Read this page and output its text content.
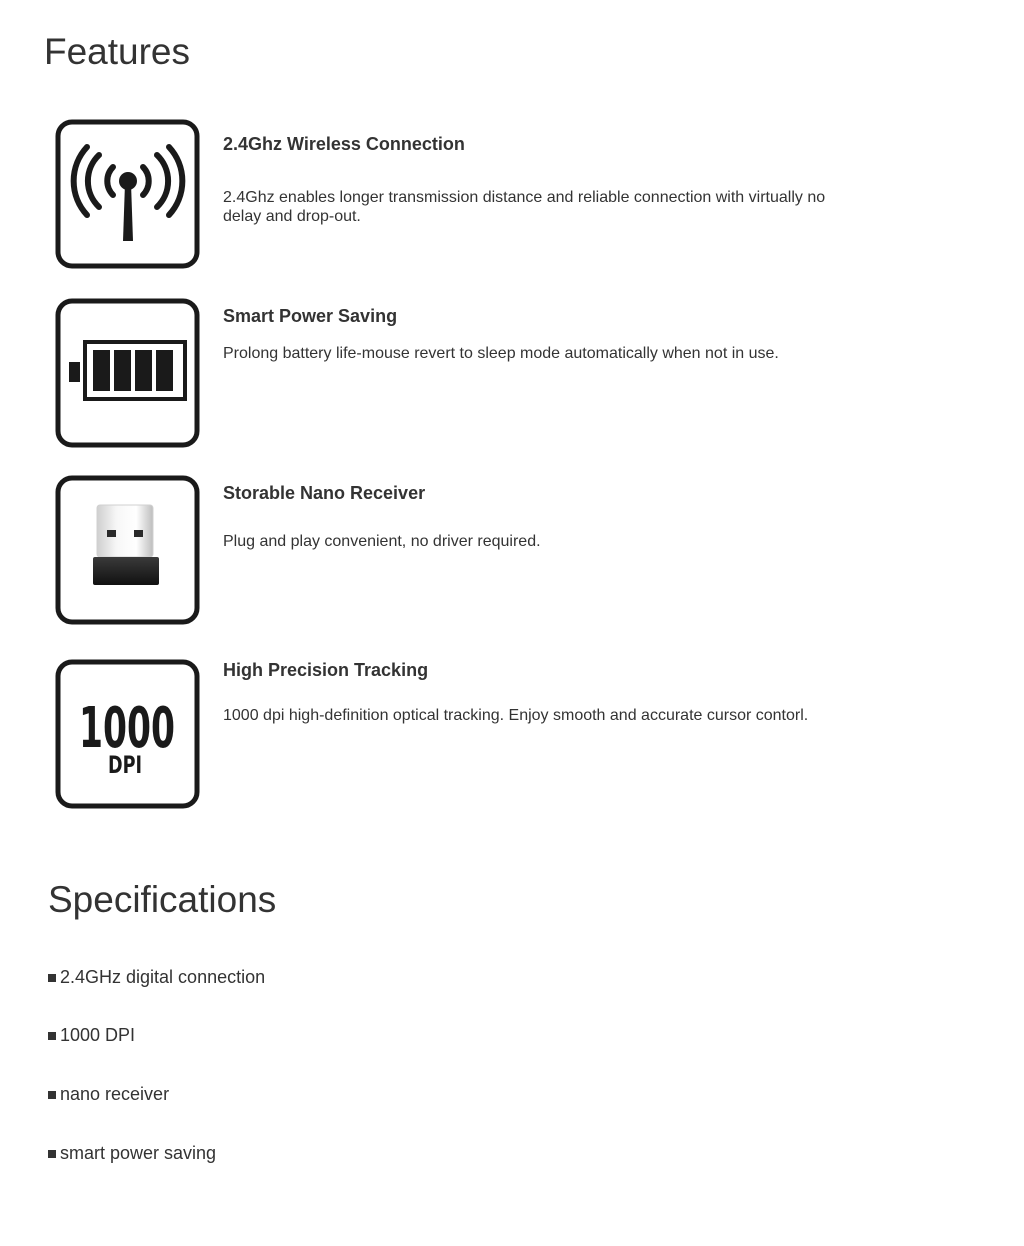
Features
2.4Ghz Wireless Connection

2.4Ghz enables longer transmission distance and reliable connection with virtually no delay and drop-out.

Smart Power Saving

Prolong battery life-mouse revert to sleep mode automatically when not in use.

Storable Nano Receiver

Plug and play convenient, no driver required.

1000
DPI
High Precision Tracking

1000 dpi high-definition optical tracking. Enjoy smooth and accurate cursor contorl.

Specifications
2.4GHz digital connection
1000 DPI
nano receiver
smart power saving
